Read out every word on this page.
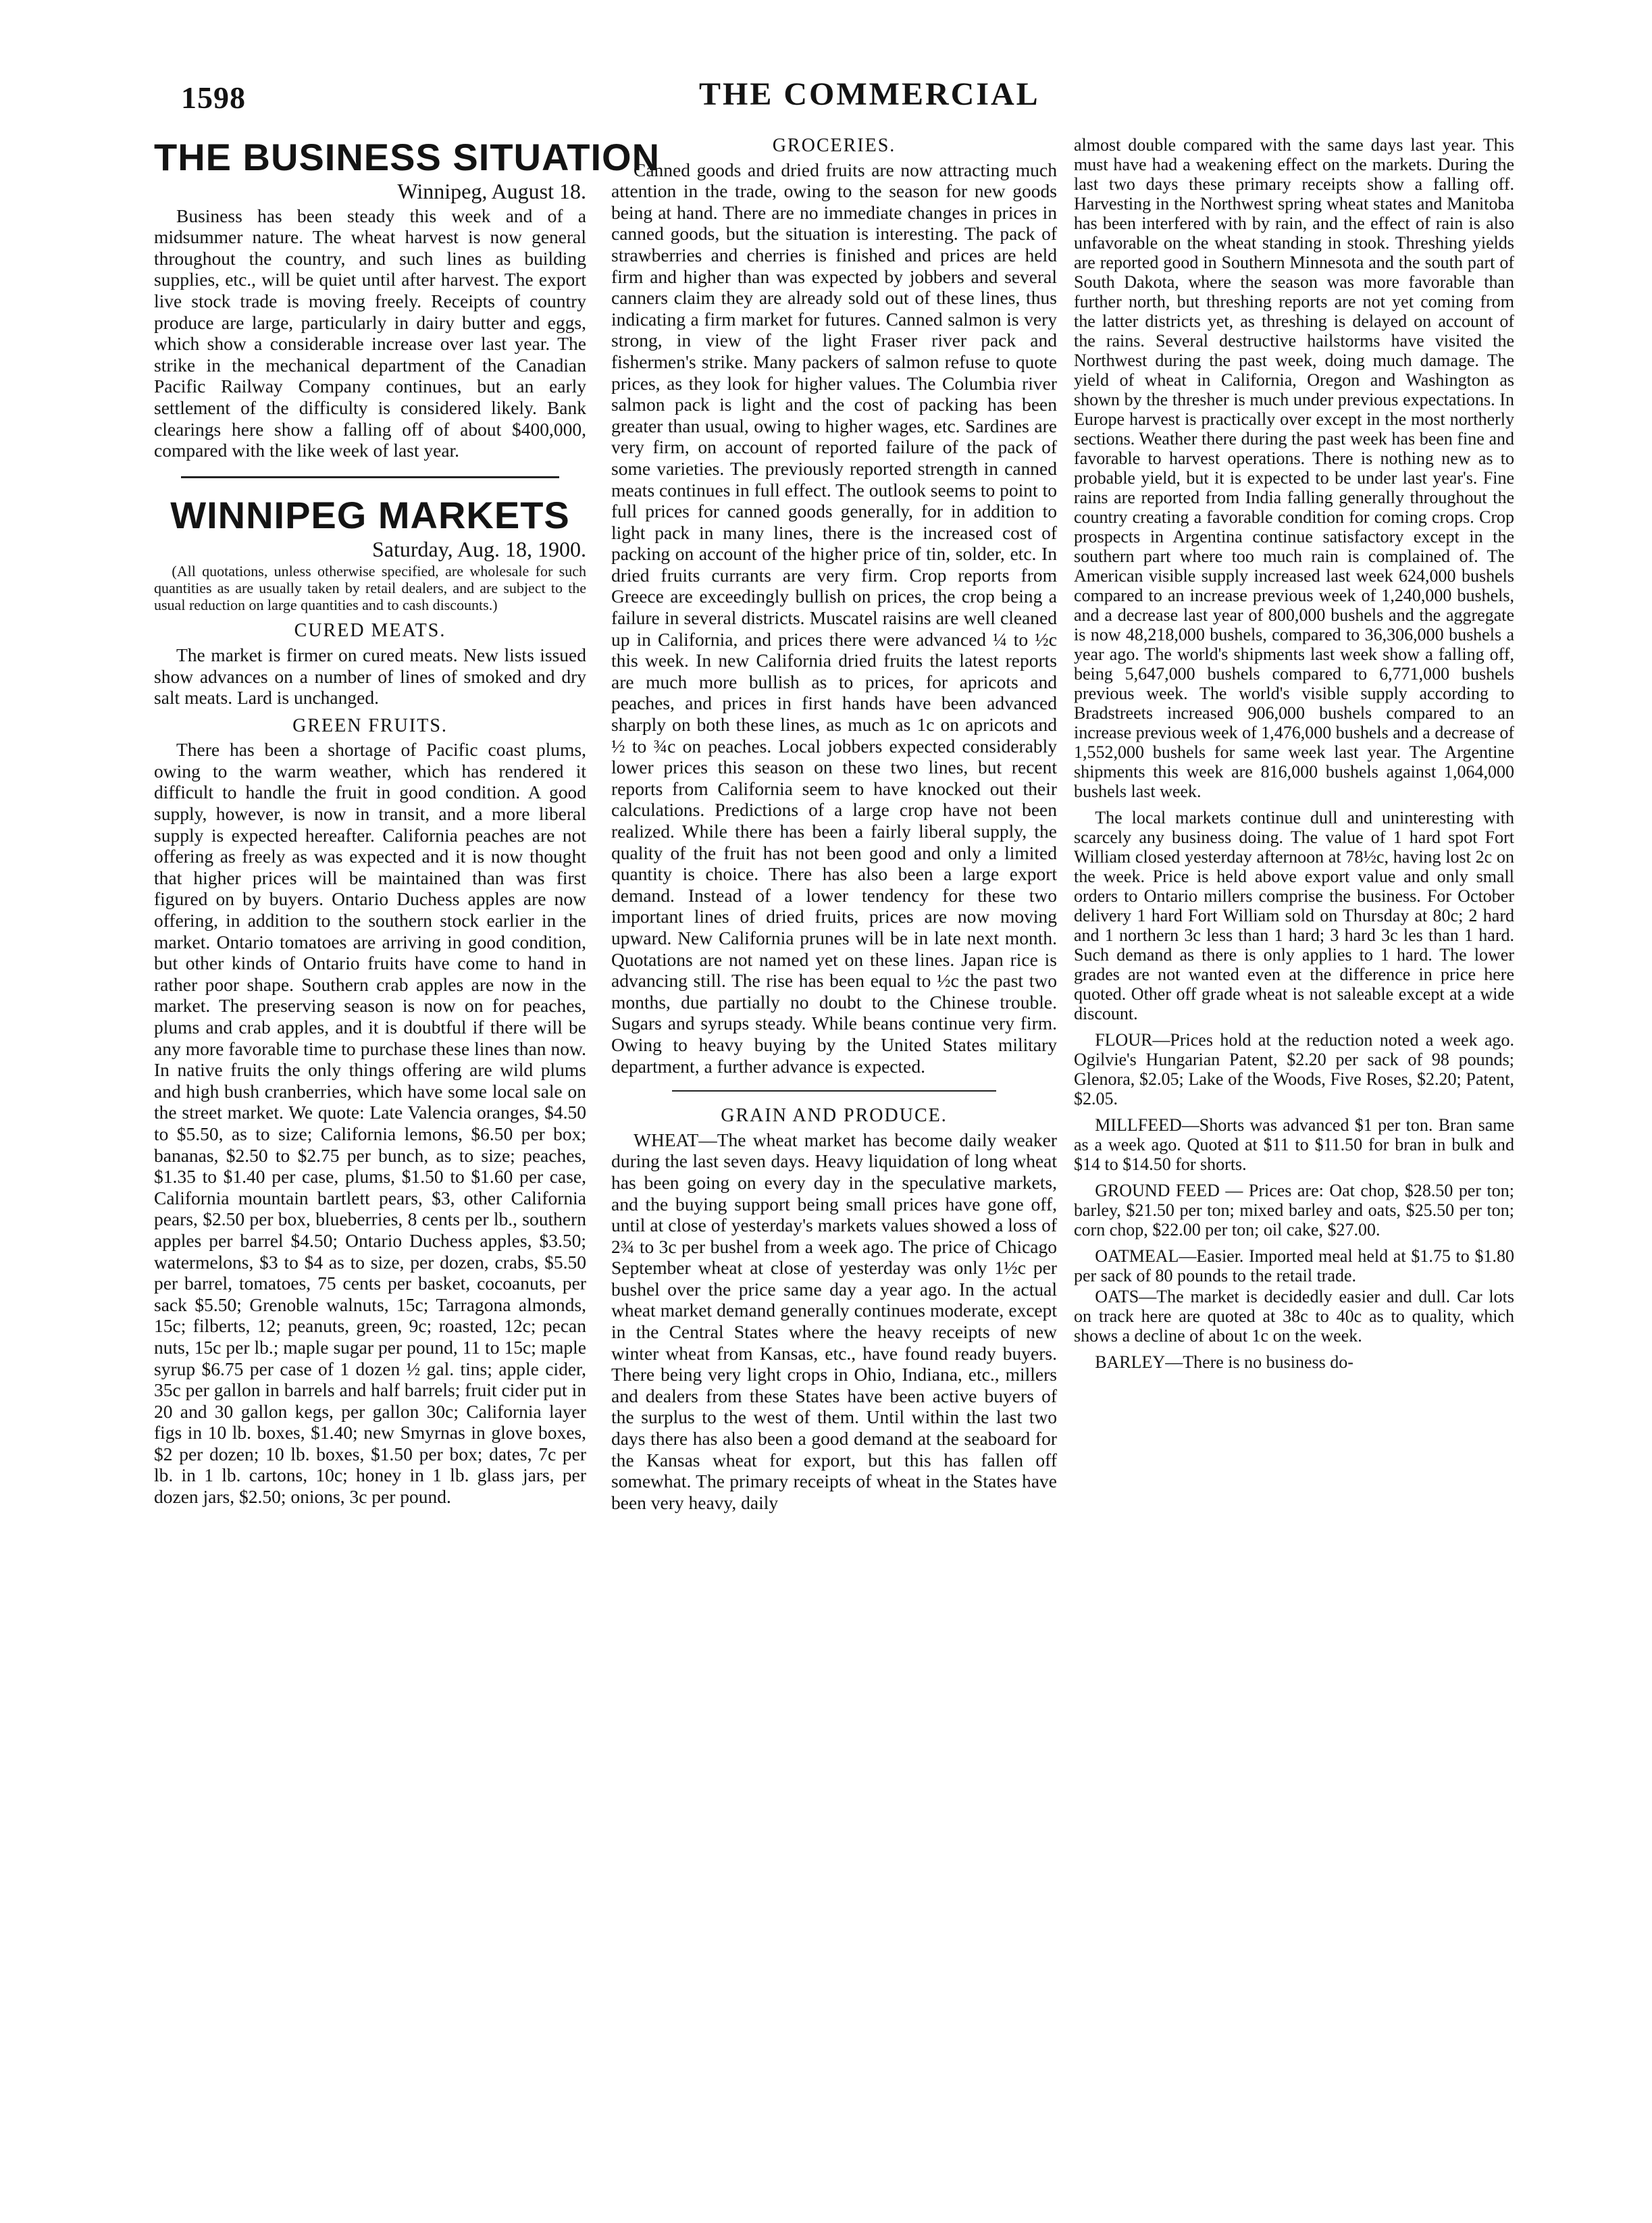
1598	THE COMMERCIAL
THE BUSINESS SITUATION
Winnipeg, August 18.

Business has been steady this week and of a midsummer nature. The wheat harvest is now general throughout the country, and such lines as building supplies, etc., will be quiet until after harvest. The export live stock trade is moving freely. Receipts of country produce are large, particularly in dairy butter and eggs, which show a considerable increase over last year. The strike in the mechanical department of the Canadian Pacific Railway Company continues, but an early settlement of the difficulty is considered likely. Bank clearings here show a falling off of about $400,000, compared with the like week of last year.

WINNIPEG MARKETS
Saturday, Aug. 18, 1900.

(All quotations, unless otherwise specified, are wholesale for such quantities as are usually taken by retail dealers, and are subject to the usual reduction on large quantities and to cash discounts.)

CURED MEATS.

The market is firmer on cured meats. New lists issued show advances on a number of lines of smoked and dry salt meats. Lard is unchanged.

GREEN FRUITS.

There has been a shortage of Pacific coast plums, owing to the warm weather, which has rendered it difficult to handle the fruit in good condition. A good supply, however, is now in transit, and a more liberal supply is expected hereafter. California peaches are not offering as freely as was expected and it is now thought that higher prices will be maintained than was first figured on by buyers. Ontario Duchess apples are now offering, in addition to the southern stock earlier in the market. Ontario tomatoes are arriving in good condition, but other kinds of Ontario fruits have come to hand in rather poor shape. Southern crab apples are now in the market. The preserving season is now on for peaches, plums and crab apples, and it is doubtful if there will be any more favorable time to purchase these lines than now. In native fruits the only things offering are wild plums and high bush cranberries, which have some local sale on the street market. We quote: Late Valencia oranges, $4.50 to $5.50, as to size; California lemons, $6.50 per box; bananas, $2.50 to $2.75 per bunch, as to size; peaches, $1.35 to $1.40 per case, plums, $1.50 to $1.60 per case, California mountain bartlett pears, $3, other California pears, $2.50 per box, blueberries, 8 cents per lb., southern apples per barrel $4.50; Ontario Duchess apples, $3.50; watermelons, $3 to $4 as to size, per dozen, crabs, $5.50 per barrel, tomatoes, 75 cents per basket, cocoanuts, per sack $5.50; Grenoble walnuts, 15c; Tarragona almonds, 15c; filberts, 12; peanuts, green, 9c; roasted, 12c; pecan nuts, 15c per lb.; maple sugar per pound, 11 to 15c; maple syrup $6.75 per case of 1 dozen ½ gal. tins; apple cider, 35c per gallon in barrels and half barrels; fruit cider put in 20 and 30 gallon kegs, per gallon 30c; California layer figs in 10 lb. boxes, $1.40; new Smyrnas in glove boxes, $2 per dozen; 10 lb. boxes, $1.50 per box; dates, 7c per lb. in 1 lb. cartons, 10c; honey in 1 lb. glass jars, per dozen jars, $2.50; onions, 3c per pound.

GROCERIES.

Canned goods and dried fruits are now attracting much attention in the trade, owing to the season for new goods being at hand. There are no immediate changes in prices in canned goods, but the situation is interesting. The pack of strawberries and cherries is finished and prices are held firm and higher than was expected by jobbers and several canners claim they are already sold out of these lines, thus indicating a firm market for futures. Canned salmon is very strong, in view of the light Fraser river pack and fishermen's strike. Many packers of salmon refuse to quote prices, as they look for higher values. The Columbia river salmon pack is light and the cost of packing has been greater than usual, owing to higher wages, etc. Sardines are very firm, on account of reported failure of the pack of some varieties. The previously reported strength in canned meats continues in full effect. The outlook seems to point to full prices for canned goods generally, for in addition to light pack in many lines, there is the increased cost of packing on account of the higher price of tin, solder, etc. In dried fruits currants are very firm. Crop reports from Greece are exceedingly bullish on prices, the crop being a failure in several districts. Muscatel raisins are well cleaned up in California, and prices there were advanced ¼ to ½c this week. In new California dried fruits the latest reports are much more bullish as to prices, for apricots and peaches, and prices in first hands have been advanced sharply on both these lines, as much as 1c on apricots and ½ to ¾c on peaches. Local jobbers expected considerably lower prices this season on these two lines, but recent reports from California seem to have knocked out their calculations. Predictions of a large crop have not been realized. While there has been a fairly liberal supply, the quality of the fruit has not been good and only a limited quantity is choice. There has also been a large export demand. Instead of a lower tendency for these two important lines of dried fruits, prices are now moving upward. New California prunes will be in late next month. Quotations are not named yet on these lines. Japan rice is advancing still. The rise has been equal to ½c the past two months, due partially no doubt to the Chinese trouble. Sugars and syrups steady. While beans continue very firm. Owing to heavy buying by the United States military department, a further advance is expected.

GRAIN AND PRODUCE.

WHEAT—The wheat market has become daily weaker during the last seven days. Heavy liquidation of long wheat has been going on every day in the speculative markets, and the buying support being small prices have gone off, until at close of yesterday's markets values showed a loss of 2¾ to 3c per bushel from a week ago. The price of Chicago September wheat at close of yesterday was only 1½c per bushel over the price same day a year ago. In the actual wheat market demand generally continues moderate, except in the Central States where the heavy receipts of new winter wheat from Kansas, etc., have found ready buyers. There being very light crops in Ohio, Indiana, etc., millers and dealers from these States have been active buyers of the surplus to the west of them. Until within the last two days there has also been a good demand at the seaboard for the Kansas wheat for export, but this has fallen off somewhat. The primary receipts of wheat in the States have been very heavy, daily

almost double compared with the same days last year. This must have had a weakening effect on the markets. During the last two days these primary receipts show a falling off. Harvesting in the Northwest spring wheat states and Manitoba has been interfered with by rain, and the effect of rain is also unfavorable on the wheat standing in stook. Threshing yields are reported good in Southern Minnesota and the south part of South Dakota, where the season was more favorable than further north, but threshing reports are not yet coming from the latter districts yet, as threshing is delayed on account of the rains. Several destructive hailstorms have visited the Northwest during the past week, doing much damage. The yield of wheat in California, Oregon and Washington as shown by the thresher is much under previous expectations. In Europe harvest is practically over except in the most northerly sections. Weather there during the past week has been fine and favorable to harvest operations. There is nothing new as to probable yield, but it is expected to be under last year's. Fine rains are reported from India falling generally throughout the country creating a favorable condition for coming crops. Crop prospects in Argentina continue satisfactory except in the southern part where too much rain is complained of. The American visible supply increased last week 624,000 bushels compared to an increase previous week of 1,240,000 bushels, and a decrease last year of 800,000 bushels and the aggregate is now 48,218,000 bushels, compared to 36,306,000 bushels a year ago. The world's shipments last week show a falling off, being 5,647,000 bushels compared to 6,771,000 bushels previous week. The world's visible supply according to Bradstreets increased 906,000 bushels compared to an increase previous week of 1,476,000 bushels and a decrease of 1,552,000 bushels for same week last year. The Argentine shipments this week are 816,000 bushels against 1,064,000 bushels last week.

The local markets continue dull and uninteresting with scarcely any business doing. The value of 1 hard spot Fort William closed yesterday afternoon at 78½c, having lost 2c on the week. Price is held above export value and only small orders to Ontario millers comprise the business. For October delivery 1 hard Fort William sold on Thursday at 80c; 2 hard and 1 northern 3c less than 1 hard; 3 hard 3c les than 1 hard. Such demand as there is only applies to 1 hard. The lower grades are not wanted even at the difference in price here quoted. Other off grade wheat is not saleable except at a wide discount.

FLOUR—Prices hold at the reduction noted a week ago. Ogilvie's Hungarian Patent, $2.20 per sack of 98 pounds; Glenora, $2.05; Lake of the Woods, Five Roses, $2.20; Patent, $2.05.

MILLFEED—Shorts was advanced $1 per ton. Bran same as a week ago. Quoted at $11 to $11.50 for bran in bulk and $14 to $14.50 for shorts.

GROUND FEED — Prices are: Oat chop, $28.50 per ton; barley, $21.50 per ton; mixed barley and oats, $25.50 per ton; corn chop, $22.00 per ton; oil cake, $27.00.

OATMEAL—Easier. Imported meal held at $1.75 to $1.80 per sack of 80 pounds to the retail trade.

OATS—The market is decidedly easier and dull. Car lots on track here are quoted at 38c to 40c as to quality, which shows a decline of about 1c on the week.

BARLEY—There is no business do-
